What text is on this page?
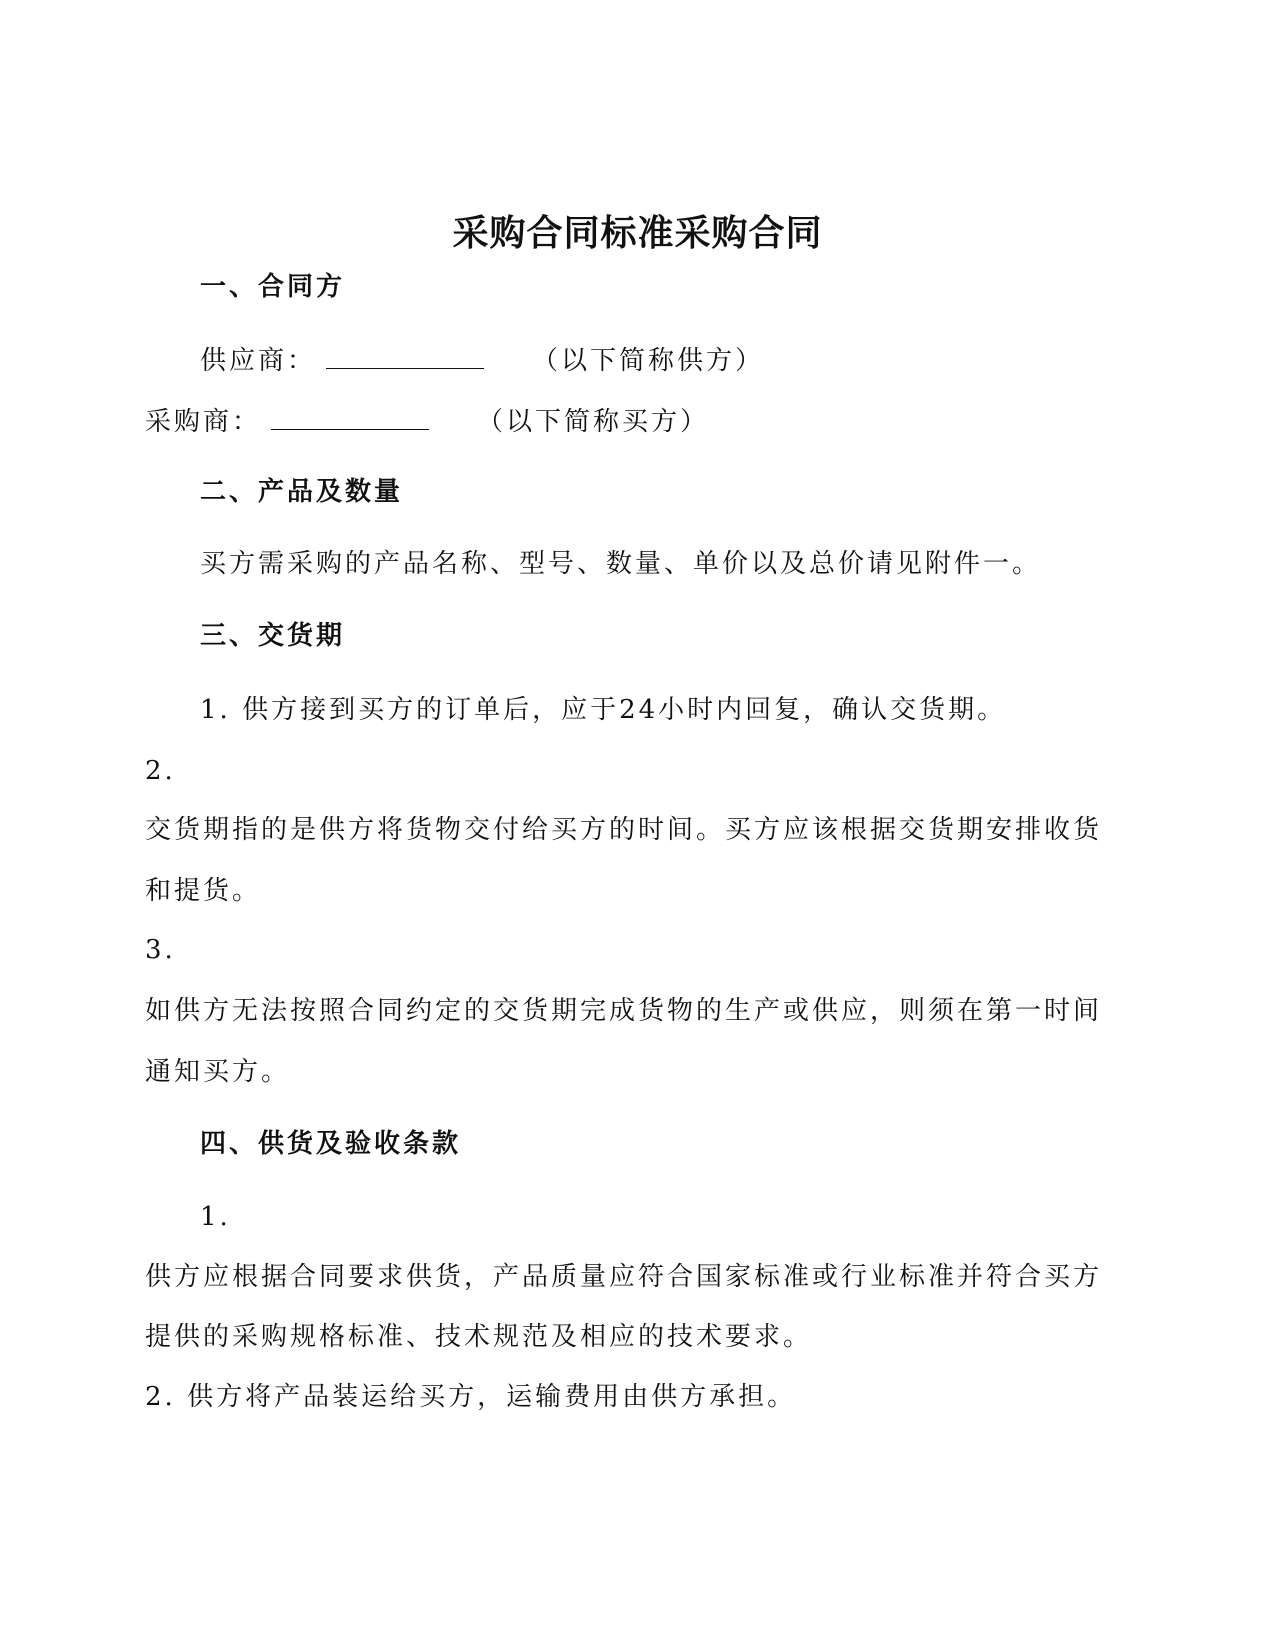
采购合同标准采购合同
一、合同方
供应商：	（以下简称供方）
采购商：	（以下简称买方）
二、产品及数量
买方需采购的产品名称、型号、数量、单价以及总价请见附件一。
三、交货期
1. 供方接到买方的订单后，应于24小时内回复，确认交货期。
2.
交货期指的是供方将货物交付给买方的时间。买方应该根据交货期安排收货
和提货。
3.
如供方无法按照合同约定的交货期完成货物的生产或供应，则须在第一时间
通知买方。
四、供货及验收条款
1.
供方应根据合同要求供货，产品质量应符合国家标准或行业标准并符合买方
提供的采购规格标准、技术规范及相应的技术要求。
2. 供方将产品装运给买方，运输费用由供方承担。
